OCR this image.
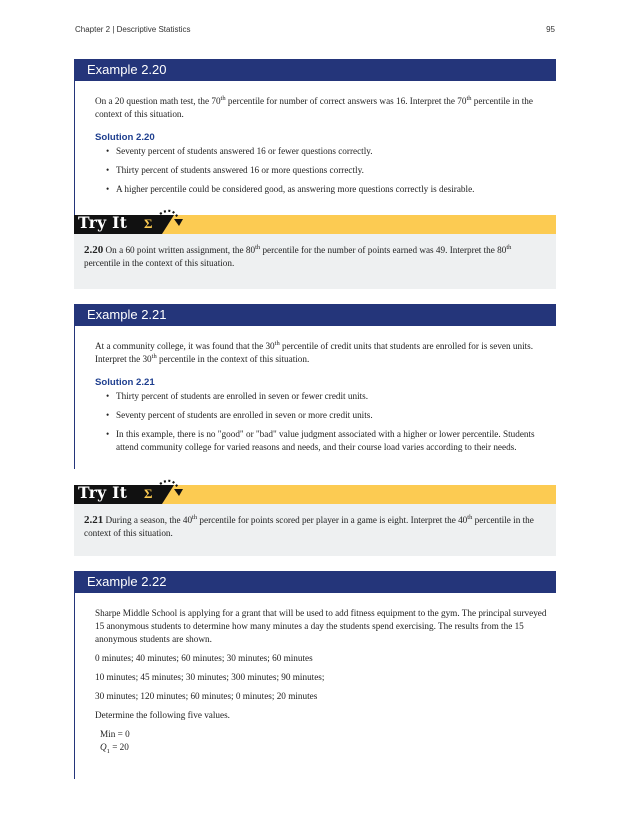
Chapter 2 | Descriptive Statistics	95
Example 2.20

On a 20 question math test, the 70th percentile for number of correct answers was 16. Interpret the 70th percentile in the context of this situation.

Solution 2.20
• Seventy percent of students answered 16 or fewer questions correctly.
• Thirty percent of students answered 16 or more questions correctly.
• A higher percentile could be considered good, as answering more questions correctly is desirable.
Try It Σ
2.20 On a 60 point written assignment, the 80th percentile for the number of points earned was 49. Interpret the 80th percentile in the context of this situation.
Example 2.21

At a community college, it was found that the 30th percentile of credit units that students are enrolled for is seven units. Interpret the 30th percentile in the context of this situation.

Solution 2.21
• Thirty percent of students are enrolled in seven or fewer credit units.
• Seventy percent of students are enrolled in seven or more credit units.
• In this example, there is no "good" or "bad" value judgment associated with a higher or lower percentile. Students attend community college for varied reasons and needs, and their course load varies according to their needs.
Try It Σ
2.21 During a season, the 40th percentile for points scored per player in a game is eight. Interpret the 40th percentile in the context of this situation.
Example 2.22

Sharpe Middle School is applying for a grant that will be used to add fitness equipment to the gym. The principal surveyed 15 anonymous students to determine how many minutes a day the students spend exercising. The results from the 15 anonymous students are shown.

0 minutes; 40 minutes; 60 minutes; 30 minutes; 60 minutes

10 minutes; 45 minutes; 30 minutes; 300 minutes; 90 minutes;

30 minutes; 120 minutes; 60 minutes; 0 minutes; 20 minutes

Determine the following five values.

Min = 0
$Q_1 = 20$
